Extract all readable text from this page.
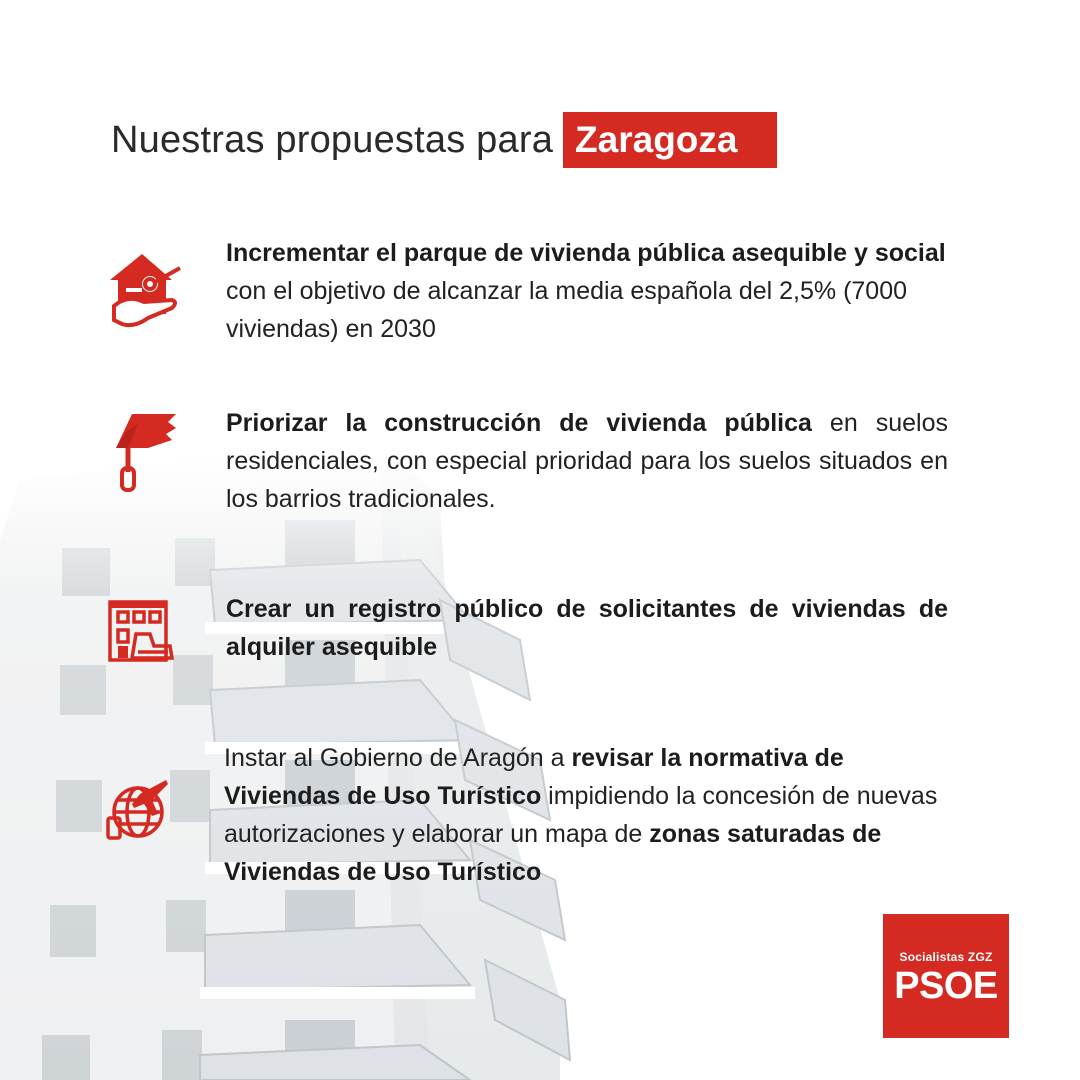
Nuestras propuestas para Zaragoza
Incrementar el parque de vivienda pública asequible y social con el objetivo de alcanzar la media española del 2,5% (7000 viviendas) en 2030
Priorizar la construcción de vivienda pública en suelos residenciales, con especial prioridad para los suelos situados en los barrios tradicionales.
Crear un registro público de solicitantes de viviendas de alquiler asequible
Instar al Gobierno de Aragón a revisar la normativa de Viviendas de Uso Turístico impidiendo la concesión de nuevas autorizaciones y elaborar un mapa de zonas saturadas de Viviendas de Uso Turístico
Socialistas ZGZ
PSOE
